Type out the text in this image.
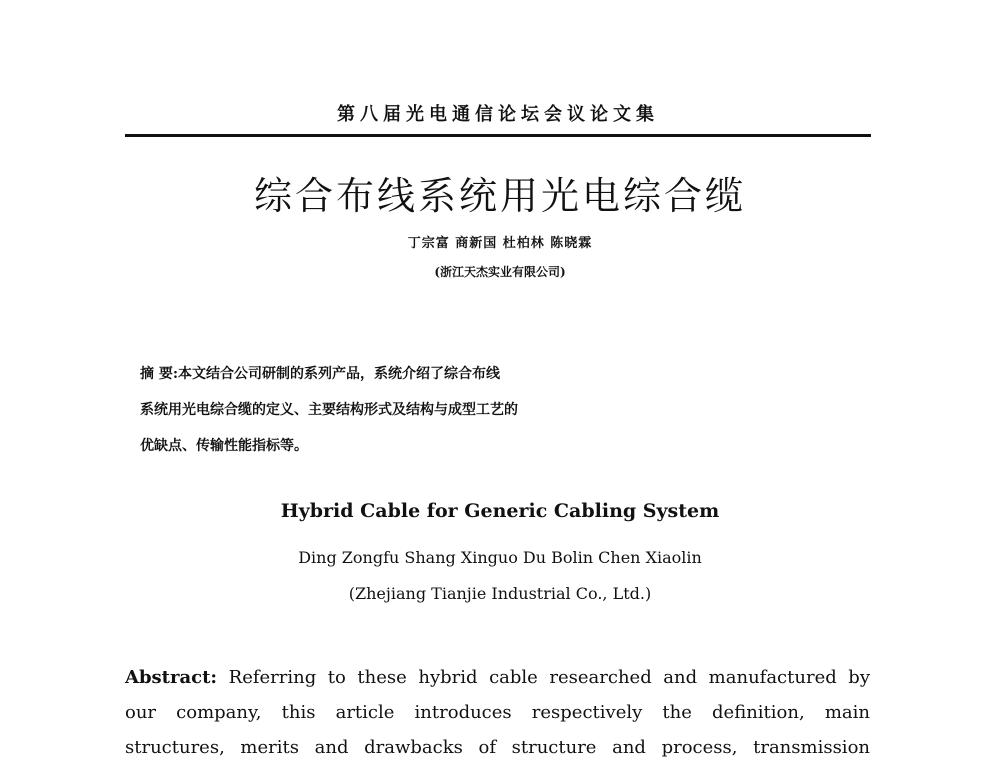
第八届光电通信论坛会议论文集
综合布线系统用光电综合缆
丁宗富 商新国 杜柏林 陈晓霖
(浙江天杰实业有限公司)
摘 要:本文结合公司研制的系列产品，系统介绍了综合布线
系统用光电综合缆的定义、主要结构形式及结构与成型工艺的
优缺点、传输性能指标等。
Hybrid Cable for Generic Cabling System
Ding Zongfu Shang Xinguo Du Bolin Chen Xiaolin
(Zhejiang Tianjie Industrial Co., Ltd.)
Abstract: Referring to these hybrid cable researched and manufactured by
our company, this article introduces respectively the definition, main
structures, merits and drawbacks of structure and process, transmission
